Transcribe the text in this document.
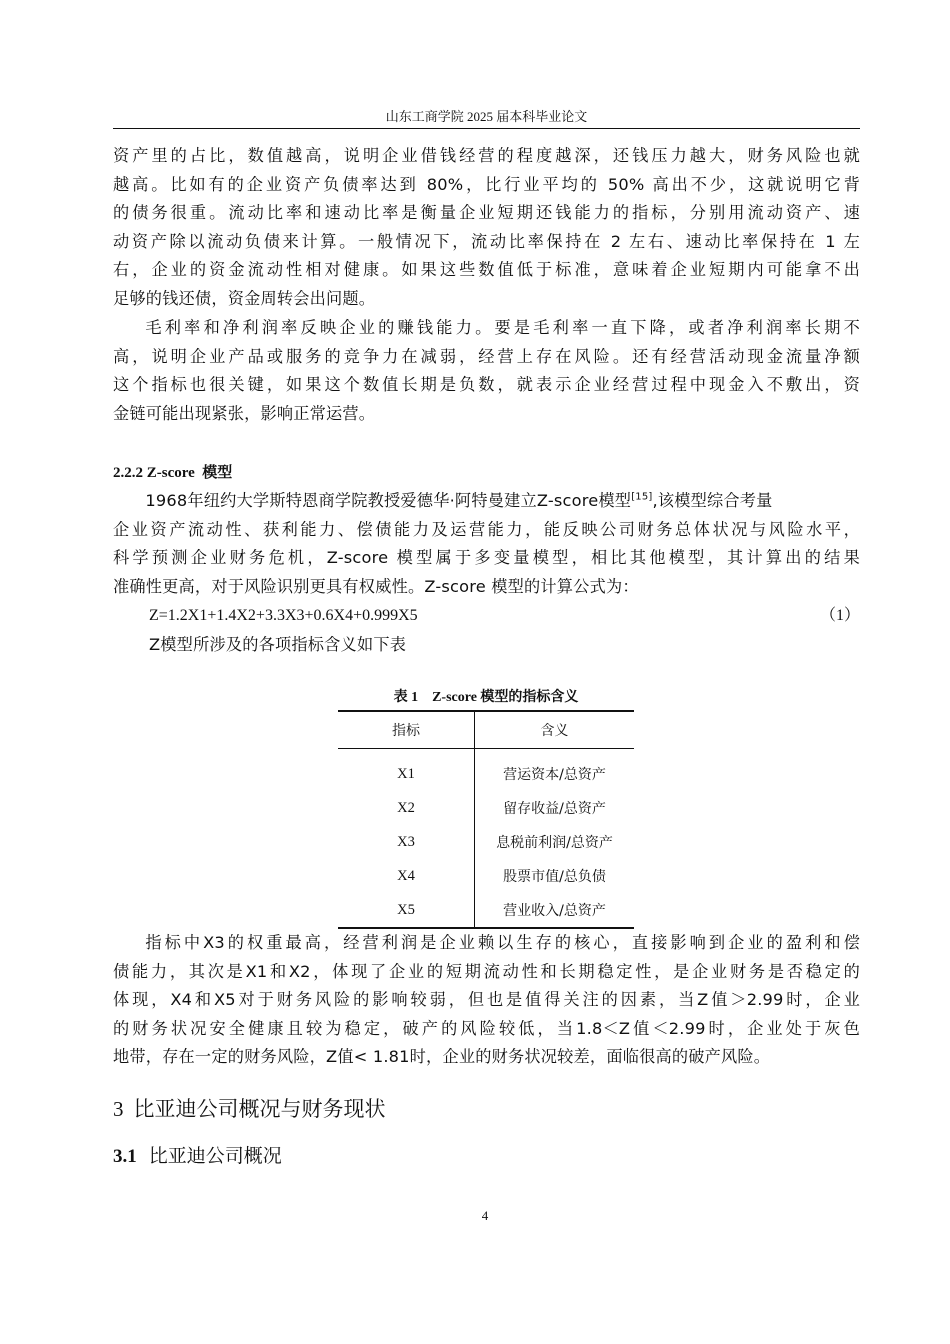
山东工商学院 2025 届本科毕业论文
资产里的占比，数值越高，说明企业借钱经营的程度越深，还钱压力越大，财务风险也就
越高。比如有的企业资产负债率达到 80%，比行业平均的 50% 高出不少，这就说明它背
的债务很重。流动比率和速动比率是衡量企业短期还钱能力的指标，分别用流动资产、速
动资产除以流动负债来计算。一般情况下，流动比率保持在 2 左右、速动比率保持在 1 左
右，企业的资金流动性相对健康。如果这些数值低于标准，意味着企业短期内可能拿不出
足够的钱还债，资金周转会出问题。
毛利率和净利润率反映企业的赚钱能力。要是毛利率一直下降，或者净利润率长期不
高，说明企业产品或服务的竞争力在减弱，经营上存在风险。还有经营活动现金流量净额
这个指标也很关键，如果这个数值长期是负数，就表示企业经营过程中现金入不敷出，资
金链可能出现紧张，影响正常运营。
2.2.2 Z-score 模型
1968年纽约大学斯特恩商学院教授爱德华·阿特曼建立Z-score模型[15],该模型综合考量
企业资产流动性、获利能力、偿债能力及运营能力，能反映公司财务总体状况与风险水平，
科学预测企业财务危机，Z-score 模型属于多变量模型，相比其他模型，其计算出的结果
准确性更高，对于风险识别更具有权威性。Z-score 模型的计算公式为：
Z=1.2X1+1.4X2+3.3X3+0.6X4+0.999X5	（1）
Z模型所涉及的各项指标含义如下表
表 1　Z-score 模型的指标含义
指标	含义
X1	营运资本/总资产
X2	留存收益/总资产
X3	息税前利润/总资产
X4	股票市值/总负债
X5	营业收入/总资产
指标中X3的权重最高，经营利润是企业赖以生存的核心，直接影响到企业的盈利和偿
债能力，其次是X1和X2，体现了企业的短期流动性和长期稳定性，是企业财务是否稳定的
体现，X4和X5对于财务风险的影响较弱，但也是值得关注的因素，当Z值＞2.99时，企业
的财务状况安全健康且较为稳定，破产的风险较低，当1.8＜Z值＜2.99时，企业处于灰色
地带，存在一定的财务风险，Z值< 1.81时，企业的财务状况较差，面临很高的破产风险。
3 比亚迪公司概况与财务现状
3.1 比亚迪公司概况
4
